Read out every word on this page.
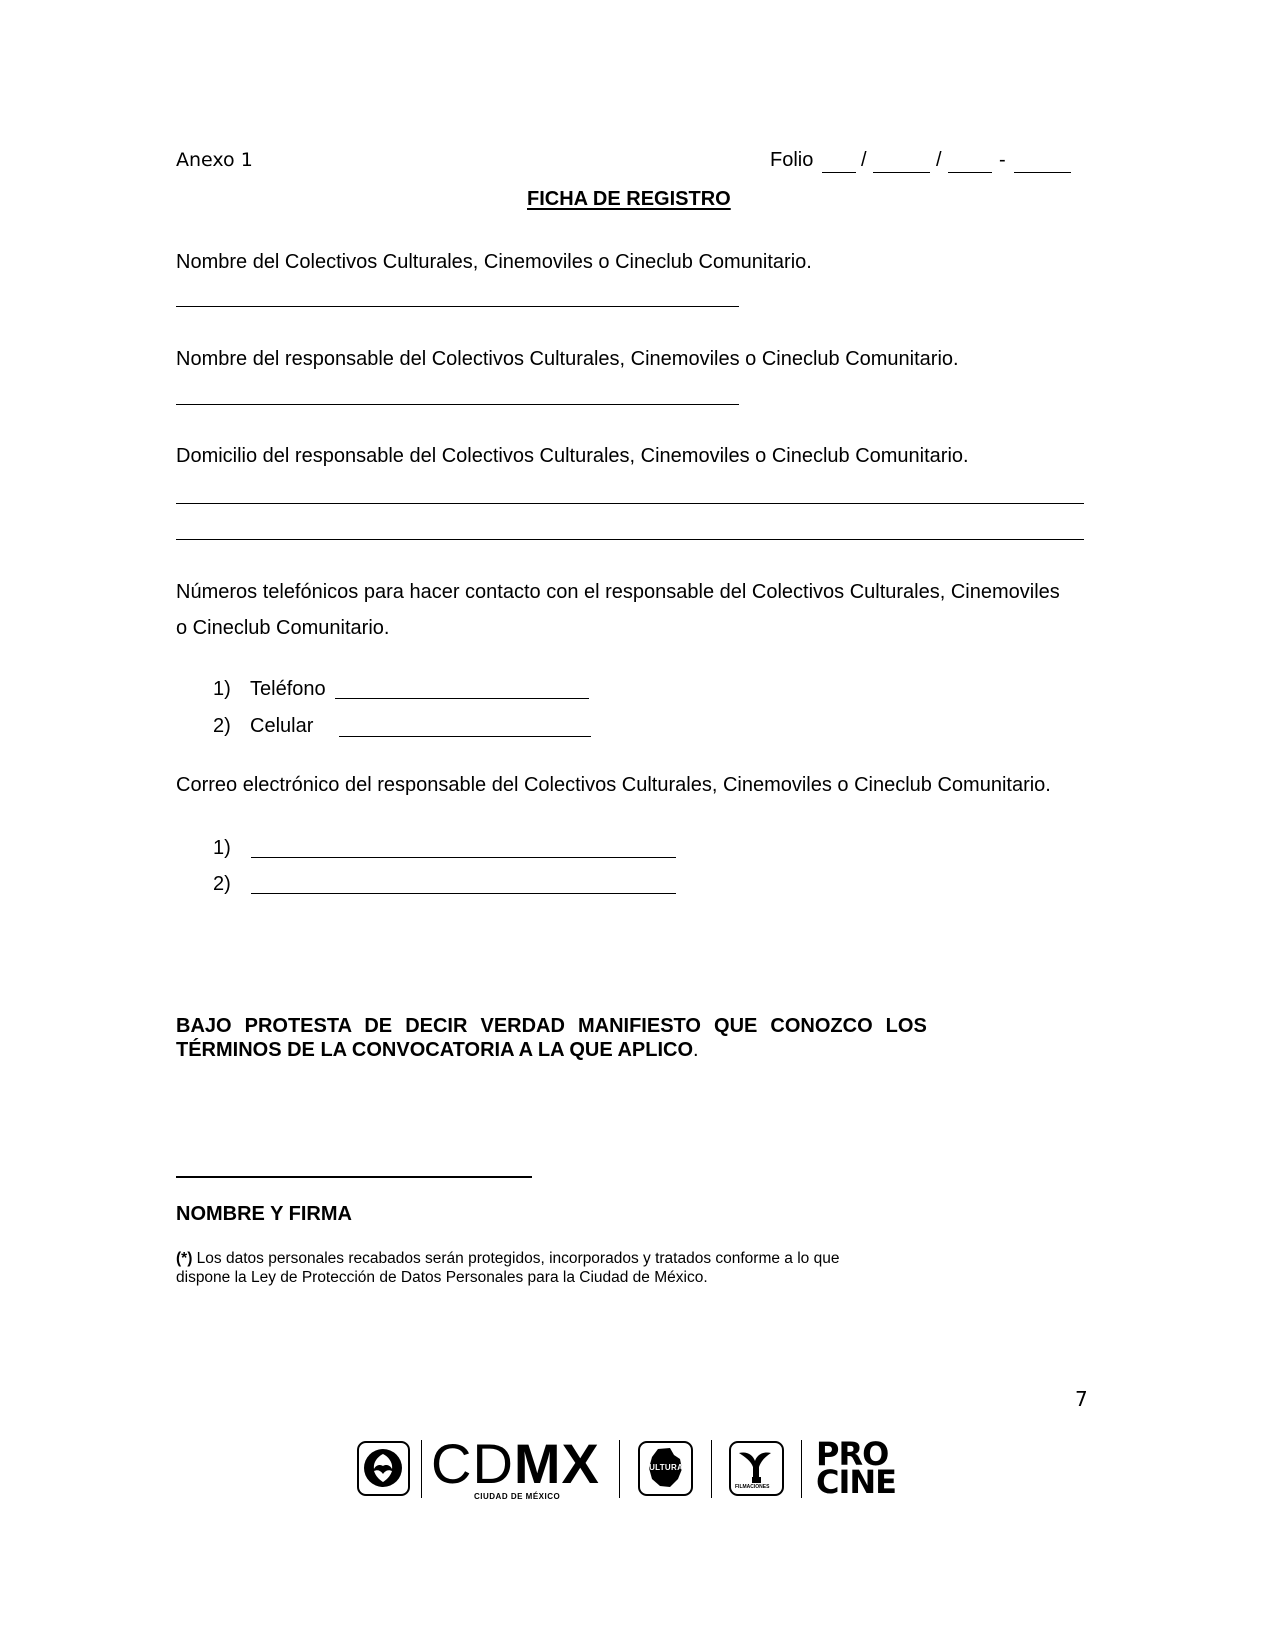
Anexo 1	Folio /	/	-
FICHA DE REGISTRO
Nombre del Colectivos Culturales, Cinemoviles o Cineclub Comunitario.
Nombre del responsable del Colectivos Culturales, Cinemoviles o Cineclub Comunitario.
Domicilio del responsable del Colectivos Culturales, Cinemoviles o Cineclub Comunitario.
Números telefónicos para hacer contacto con el responsable del Colectivos Culturales, Cinemoviles
o Cineclub Comunitario.
1) Teléfono
2) Celular
Correo electrónico del responsable del Colectivos Culturales, Cinemoviles o Cineclub Comunitario.
1)
2)
BAJO PROTESTA DE DECIR VERDAD MANIFIESTO QUE CONOZCO LOS
TÉRMINOS DE LA CONVOCATORIA A LA QUE APLICO.
NOMBRE Y FIRMA
(*) Los datos personales recabados serán protegidos, incorporados y tratados conforme a lo que
dispone la Ley de Protección de Datos Personales para la Ciudad de México.
7
CDMX
CIUDAD DE MÉXICO
CULTURA
FILMACIONES
PRO
CINE
